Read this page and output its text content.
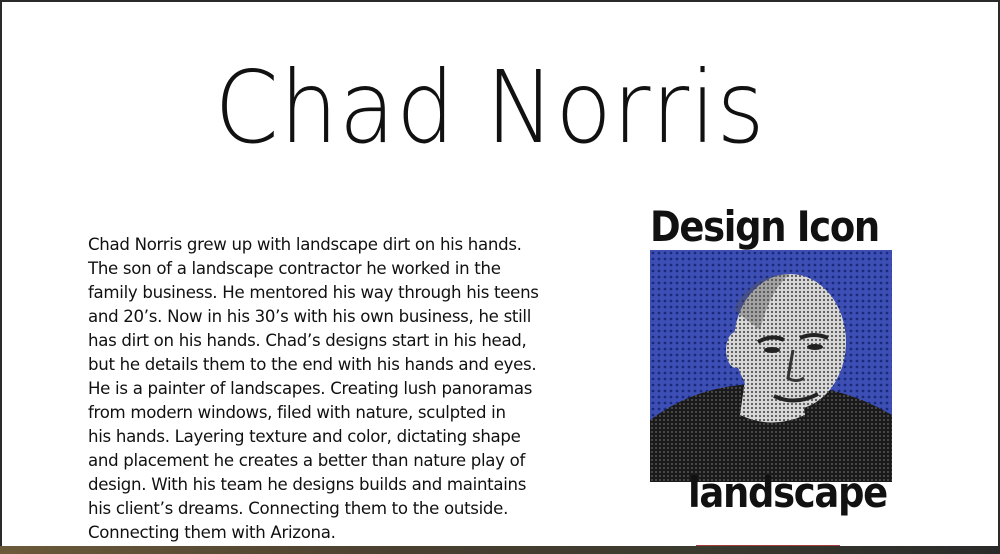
Chad Norris
Chad Norris grew up with landscape dirt on his hands.
The son of a landscape contractor he worked in the
family business. He mentored his way through his teens
and 20’s. Now in his 30’s with his own business, he still
has dirt on his hands. Chad’s designs start in his head,
but he details them to the end with his hands and eyes.
He is a painter of landscapes. Creating lush panoramas
from modern windows, filed with nature, sculpted in
his hands. Layering texture and color, dictating shape
and placement he creates a better than nature play of
design. With his team he designs builds and maintains
his client’s dreams. Connecting them to the outside.
Connecting them with Arizona.
Design Icon
landscape
